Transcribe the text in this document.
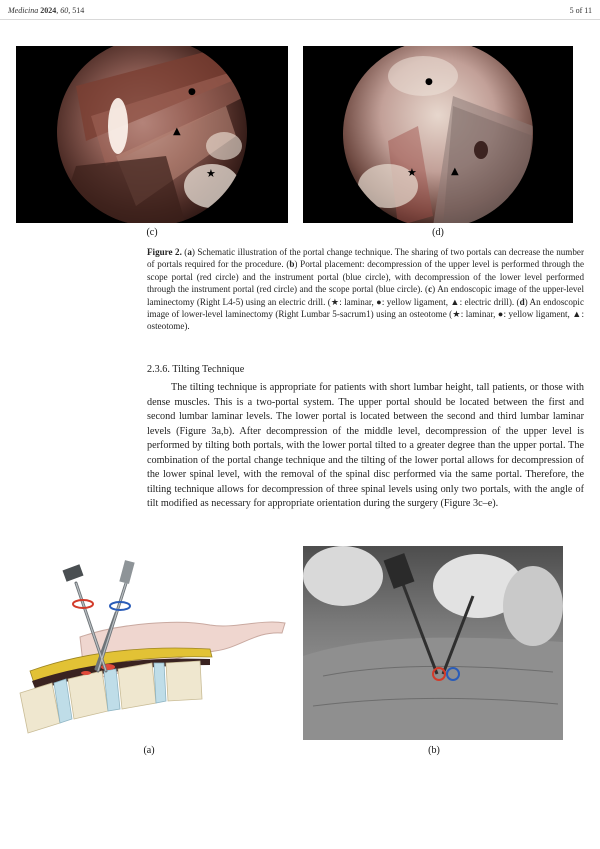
Medicina 2024, 60, 514	5 of 11
●
▲
★
(c)
●
▲
★
(d)
Figure 2. (a) Schematic illustration of the portal change technique. The sharing of two portals can decrease the number of portals required for the procedure. (b) Portal placement: decompression of the upper level is performed through the scope portal (red circle) and the instrument portal (blue circle), with decompression of the lower level performed through the instrument portal (red circle) and the scope portal (blue circle). (c) An endoscopic image of the upper-level laminectomy (Right L4-5) using an electric drill. (★: laminar, ●: yellow ligament, ▲: electric drill). (d) An endoscopic image of lower-level laminectomy (Right Lumbar 5-sacrum1) using an osteotome (★: laminar, ●: yellow ligament, ▲: osteotome).
2.3.6. Tilting Technique
The tilting technique is appropriate for patients with short lumbar height, tall patients, or those with dense muscles. This is a two-portal system. The upper portal should be located between the first and second lumbar laminar levels. The lower portal is located between the second and third lumbar laminar levels (Figure 3a,b). After decompression of the middle level, decompression of the upper level is performed by tilting both portals, with the lower portal tilted to a greater degree than the upper portal. The combination of the portal change technique and the tilting of the lower portal allows for decompression of the lower spinal level, with the removal of the spinal disc performed via the same portal. Therefore, the tilting technique allows for decompression of three spinal levels using only two portals, with the angle of tilt modified as necessary for appropriate orientation during the surgery (Figure 3c–e).
(a)	(b)
